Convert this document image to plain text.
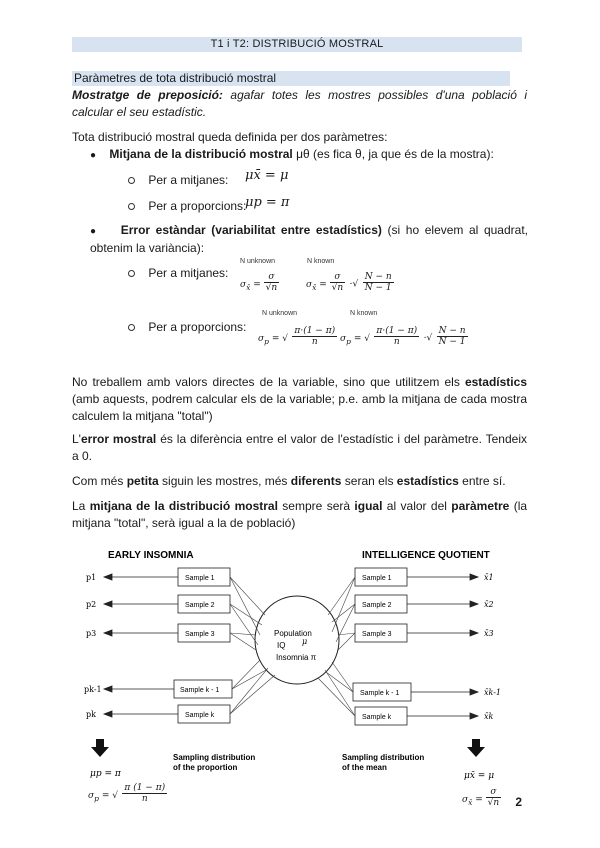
T1 i T2: DISTRIBUCIÓ MOSTRAL
Paràmetres de tota distribució mostral
Mostratge de preposició: agafar totes les mostres possibles d'una població i calcular el seu estadístic.
Tota distribució mostral queda definida per dos paràmetres:
● Mitjana de la distribució mostral μθ (es fica θ, ja que és de la mostra):
Per a mitjanes: μx̄ = μ
Per a proporcions:
μp = π
● Error estàndar (variabilitat entre estadístics) (si ho elevem al quadrat, obtenim la variància):
Per a mitjanes:
N unknown	N known
$\sigma_{x̄} = \frac{\sigma}{√n}$	$\sigma_{x̄} = \frac{\sigma}{√n}$ ·√ $\frac{N - n}{N - 1}$
Per a proporcions:
N unknown	N known
$\sigma_p$ = √ $\frac{\pi\cdot(1 - \pi)}{n} \sigma_p$ = √ $\frac{\pi\cdot(1 - \pi)}{n}$ ·√ $\frac{N - n}{N - 1}$
No treballem amb valors directes de la variable, sino que utilitzem els estadístics (amb aquests, podrem calcular els de la variable; p.e. amb la mitjana de cada mostra calculem la mitjana "total")
L'error mostral és la diferència entre el valor de l'estadístic i del paràmetre. Tendeix a 0.
Com més petita siguin les mostres, més diferents seran els estadístics entre sí.
La mitjana de la distribució mostral sempre serà igual al valor del paràmetre (la mitjana "total", serà igual a la de població)
EARLY INSOMNIA	INTELLIGENCE QUOTIENT
Population
IQ μ
Insomnia π
Sample 1
Sample 2
Sample 3
Sample k - 1
Sample k
Sample 1
Sample 2
Sample 3
Sample k - 1
Sample k
p1
p2
p3
pk-1
pk
x̄1
x̄2
x̄3
x̄k-1
x̄k
Sampling distribution of the proportion
Sampling distribution of the mean
μp = π	μx̄ = μ
$\sigma_p$ = √ $\frac{\pi (1 - \pi)}{n}$	$\sigma_{x̄} = \frac{\sigma}{√n} 2$
